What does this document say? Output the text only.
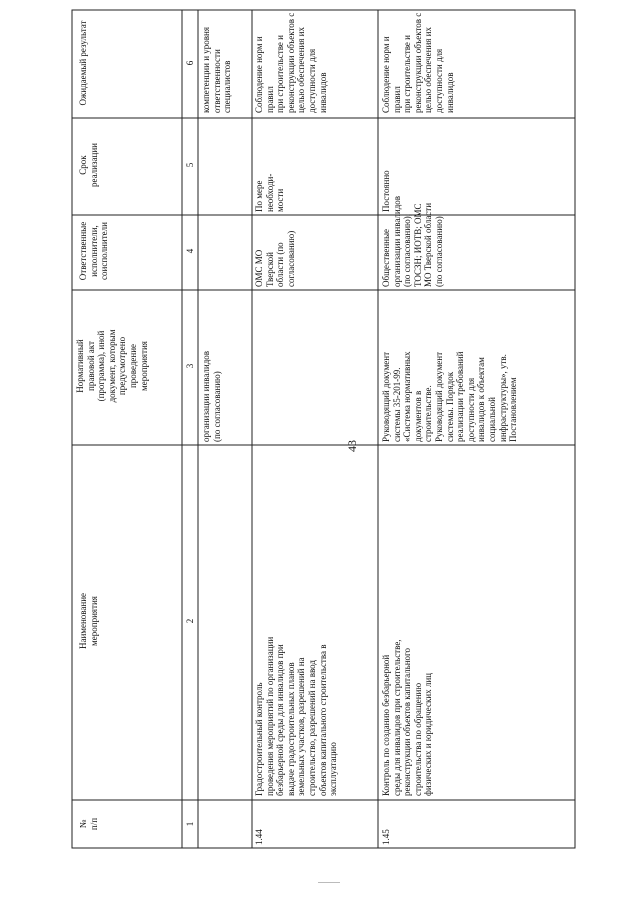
43
№
п/п
Наименование
мероприятия
Нормативный
правовой акт
(программа), иной
документ, которым
предусмотрено
проведение
мероприятия
Ответственные
исполнители,
соисполнители
Срок
реализации
Ожидаемый результат
1
2
3
4
5
6
организации инвалидов
(по согласованию)
компетенции и уровня
ответственности
специалистов
1.44
Градостроительный контроль
проведения мероприятий по организации
безбарьерной среды для инвалидов при
выдаче градостроительных планов
земельных участков, разрешений на
строительство, разрешений на ввод
объектов капитального строительства в
эксплуатацию
ОМС МО Тверской
области (по
согласованию)
По мере
необходи-
мости
Соблюдение норм и правил
при строительстве и
реконструкции объектов с
целью обеспечения их
доступности для инвалидов
1.45
Контроль по созданию безбарьерной
среды для инвалидов при строительстве,
реконструкции объектов капитального
строительства по обращению
физических и юридических лиц
Руководящий документ
системы 35-201-99.
«Система нормативных
документов в
строительстве.
Руководящий документ
системы. Порядок
реализации требований
доступности для
инвалидов к объектам
социальной
инфраструктуры», утв.
Постановлением
Общественные
организации инвалидов
(по согласованию);
ТОСЗН; ИОТВ; ОМС
МО Тверской области
(по согласованию)
Постоянно
Соблюдение норм и правил
при строительстве и
реконструкции объектов с
целью обеспечения их
доступности для инвалидов
